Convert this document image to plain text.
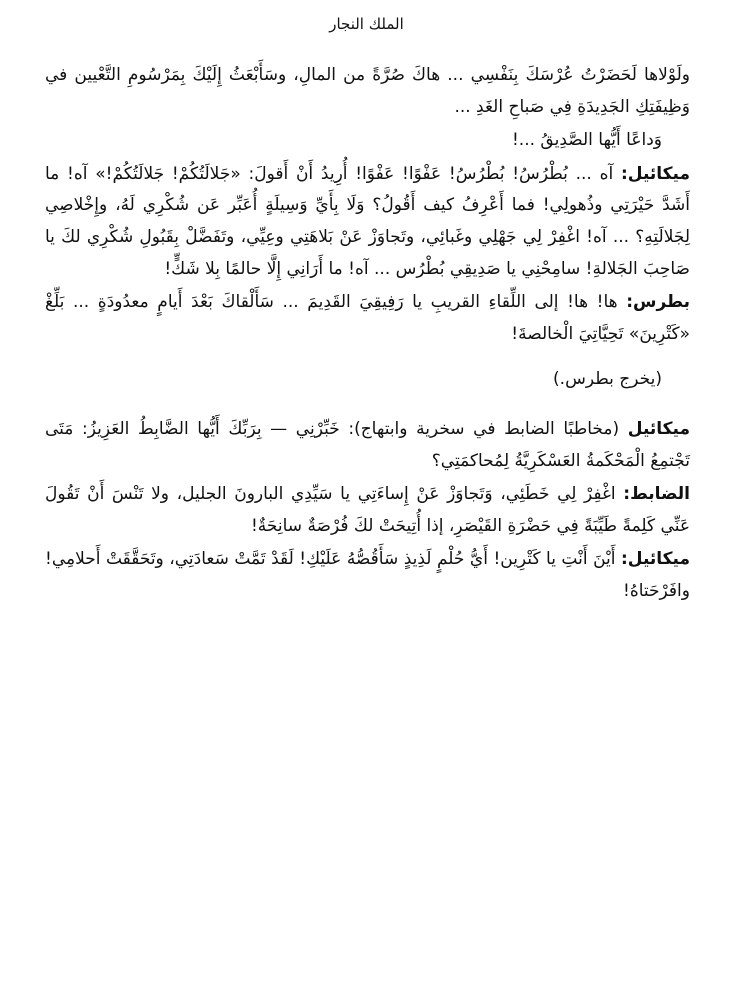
الملك النجار

ولَوْلاها لَحَضَرْتُ عُرْسَكَ بِنَفْسِي ... هاكَ صُرَّةً من المالِ، وسَأَبْعَثُ إِلَيْكَ بِمَرْسُومِ التَّعْيين في وَظِيفَتِكِ الجَدِيدَةِ فِي صَباحِ الغَدِ ...

وَداعًا أَيُّها الصَّدِيقُ ...!

ميكائيل: آه ... بُطْرُسُ! بُطْرُسُ! عَفْوًا! عَفْوًا! أُرِيدُ أَنْ أَقولَ: «جَلالَتُكُمْ! جَلالَتُكُمْ!» آه! ما أَشَدَّ حَيْرَتِي وذُهولِي! فما أَعْرِفُ كيف أَقُولُ؟ وَلَا بِأَيِّ وَسِيلَةٍ أُعَبِّر عَن شُكْرِي لَهُ، وإِخْلاصِي لِجَلالَتِهِ؟ ... آه! اغْفِرْ لِي جَهْلِي وغَبائِي، وتَجاوَزْ عَنْ بَلاهَتِي وعِيِّي، وتَفَضَّلْ بِقَبُولِ شُكْرِي لكَ يا صَاحِبَ الجَلالةِ! سامِحْنِي يا صَدِيقِي بُطْرُس ... آه! ما أَرَانِي إِلَّا حالمًا بِلا شَكٍّ!

بطرس: ها! ها! إلى اللِّقاءِ القريبِ يا رَفِيقِيَ القَدِيمَ ... سَأَلْقاكَ بَعْدَ أَيامٍ معدُودَةٍ ... بَلِّغْ «كَتْرِينَ» تَحِيَّاتِيَ الْخالصةَ!

(يخرج بطرس.)

ميكائيل (مخاطبًا الضابط في سخرية وابتهاج): خَبِّرْنِي — بِرَبِّكَ أَيُّها الضَّابِطُ العَزِيزُ: مَتَى تَجْتمِعُ الْمَحْكَمةُ العَسْكَرِيَّةُ لِمُحاكمَتِي؟

الضابط: اغْفِرْ لِي خَطَئِي، وَتَجاوَزْ عَنْ إِساءَتِي يا سَيِّدِي البارونَ الجليل، ولا تَنْسَ أَنْ تَقُولَ عَنِّي كَلِمةً طَيِّبَةً فِي حَضْرَةِ القَيْصَرِ، إذا أُتِيحَتْ لكَ فُرْصَةٌ سانِحَةٌ!

ميكائيل: أَيْنَ أَنْتِ يا كَتْرِين! أَيُّ حُلْمٍ لَذِيذٍ سَأَقُصُّهُ عَلَيْكِ! لَقَدْ تَمَّتْ سَعادَتِي، وتَحَقَّقَتْ أَحلامِي! وافَرْحَتاهُ!
